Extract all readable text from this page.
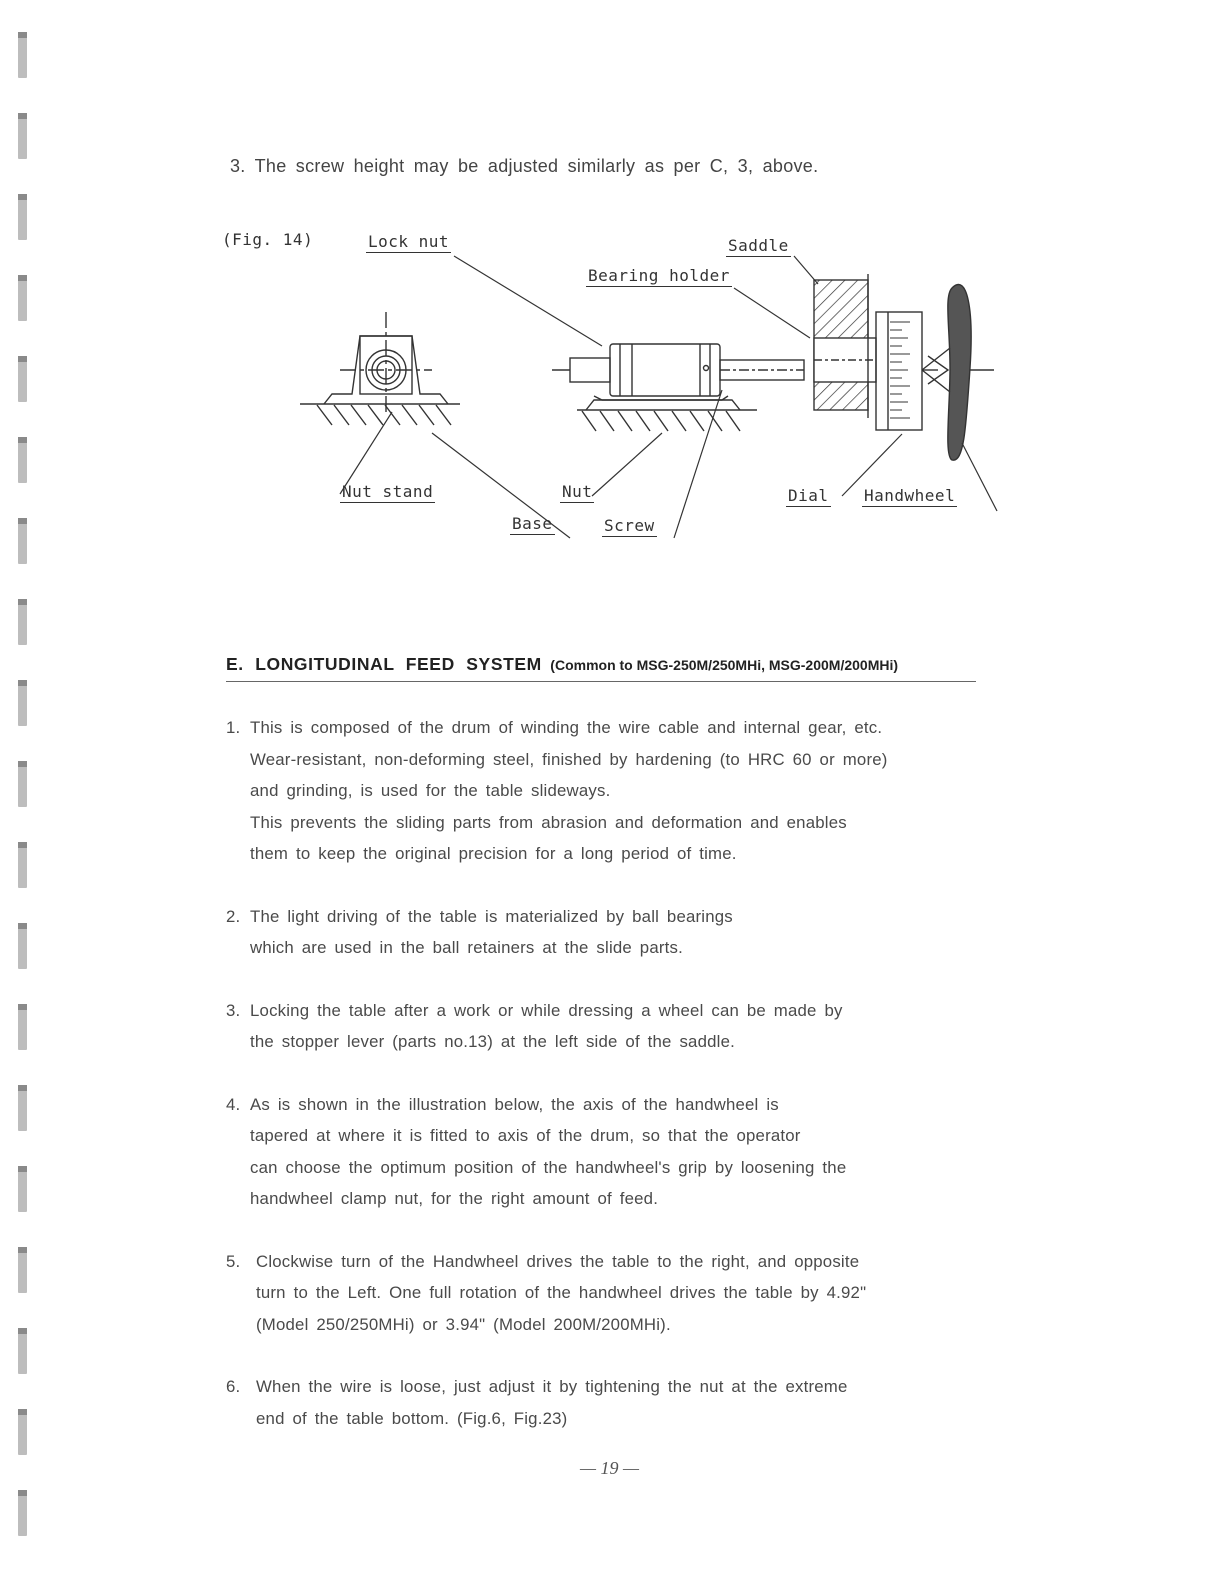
3. The screw height may be adjusted similarly as per C, 3, above.
(Fig. 14)	Lock nut	Saddle
Bearing holder
Nut stand	Nut
Base	Screw
Dial Handwheel
E. LONGITUDINAL FEED SYSTEM (Common to MSG-250M/250MHi, MSG-200M/200MHi)
1. This is composed of the drum of winding the wire cable and internal gear, etc.
Wear-resistant, non-deforming steel, finished by hardening (to HRC 60 or more)
and grinding, is used for the table slideways.
This prevents the sliding parts from abrasion and deformation and enables
them to keep the original precision for a long period of time.
2. The light driving of the table is materialized by ball bearings
which are used in the ball retainers at the slide parts.
3. Locking the table after a work or while dressing a wheel can be made by
the stopper lever (parts no.13) at the left side of the saddle.
4. As is shown in the illustration below, the axis of the handwheel is
tapered at where it is fitted to axis of the drum, so that the operator
can choose the optimum position of the handwheel's grip by loosening the
handwheel clamp nut, for the right amount of feed.
5. Clockwise turn of the Handwheel drives the table to the right, and opposite
turn to the Left. One full rotation of the handwheel drives the table by 4.92"
(Model 250/250MHi) or 3.94" (Model 200M/200MHi).
6. When the wire is loose, just adjust it by tightening the nut at the extreme
end of the table bottom. (Fig.6, Fig.23)
— 19 —
